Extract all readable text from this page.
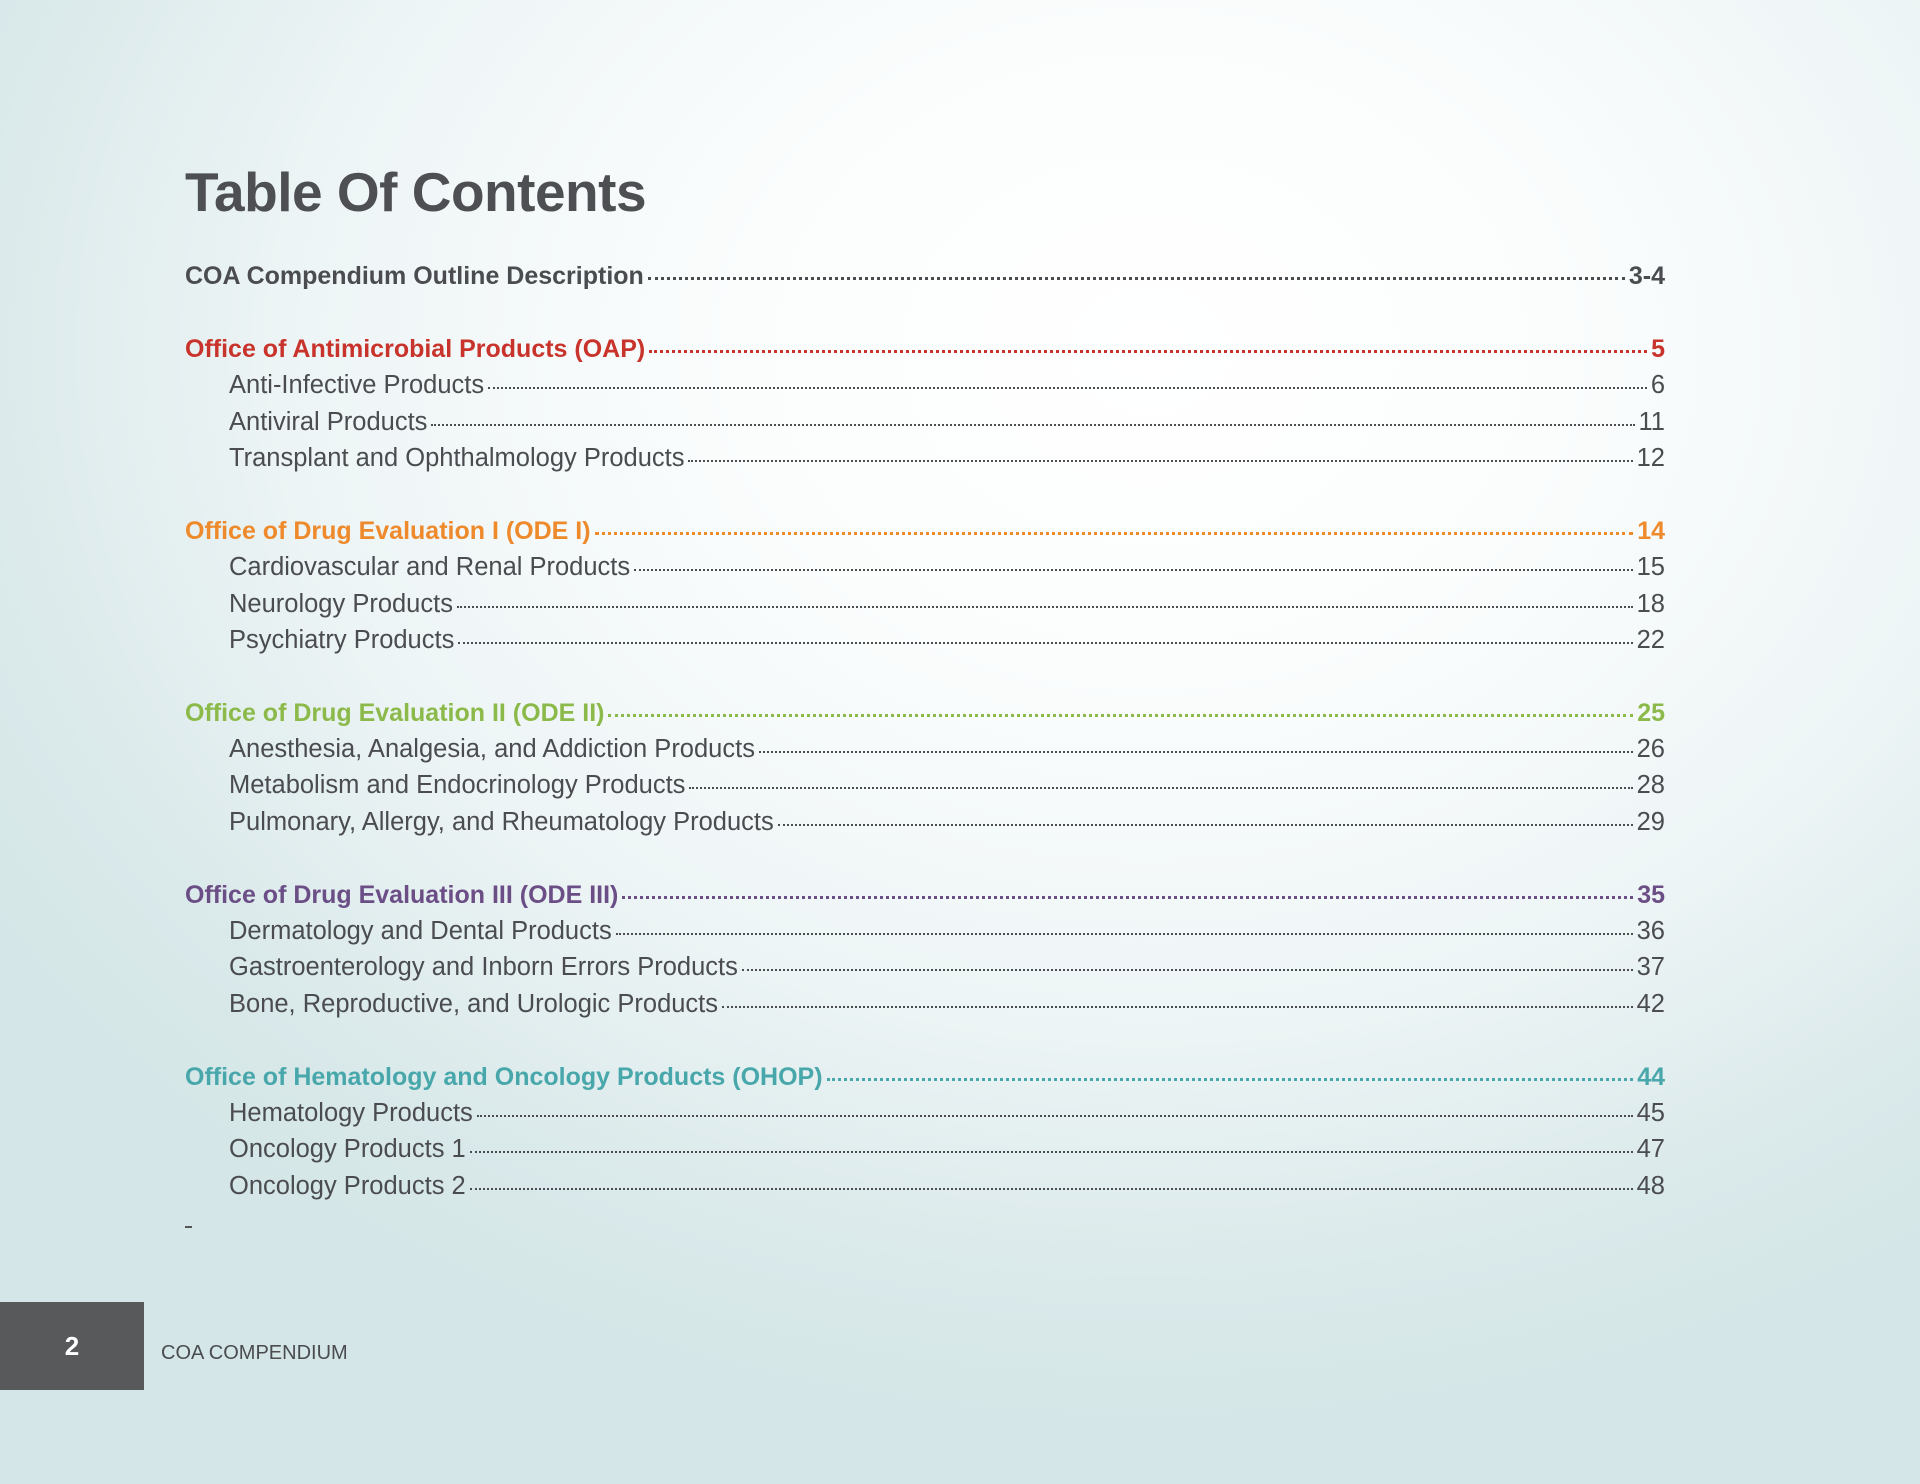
Table Of Contents
COA Compendium Outline Description	3-4
Office of Antimicrobial Products (OAP)	5
Anti-Infective Products	6
Antiviral Products	11
Transplant and Ophthalmology Products	12
Office of Drug Evaluation I (ODE I)	14
Cardiovascular and Renal Products	15
Neurology Products	18
Psychiatry Products	22
Office of Drug Evaluation II (ODE II)	25
Anesthesia, Analgesia, and Addiction Products	26
Metabolism and Endocrinology Products	28
Pulmonary, Allergy, and Rheumatology Products	29
Office of Drug Evaluation III (ODE III)	35
Dermatology and Dental Products	36
Gastroenterology and Inborn Errors Products	37
Bone, Reproductive, and Urologic Products	42
Office of Hematology and Oncology Products (OHOP)	44
Hematology Products	45
Oncology Products 1	47
Oncology Products 2	48
2	COA COMPENDIUM
